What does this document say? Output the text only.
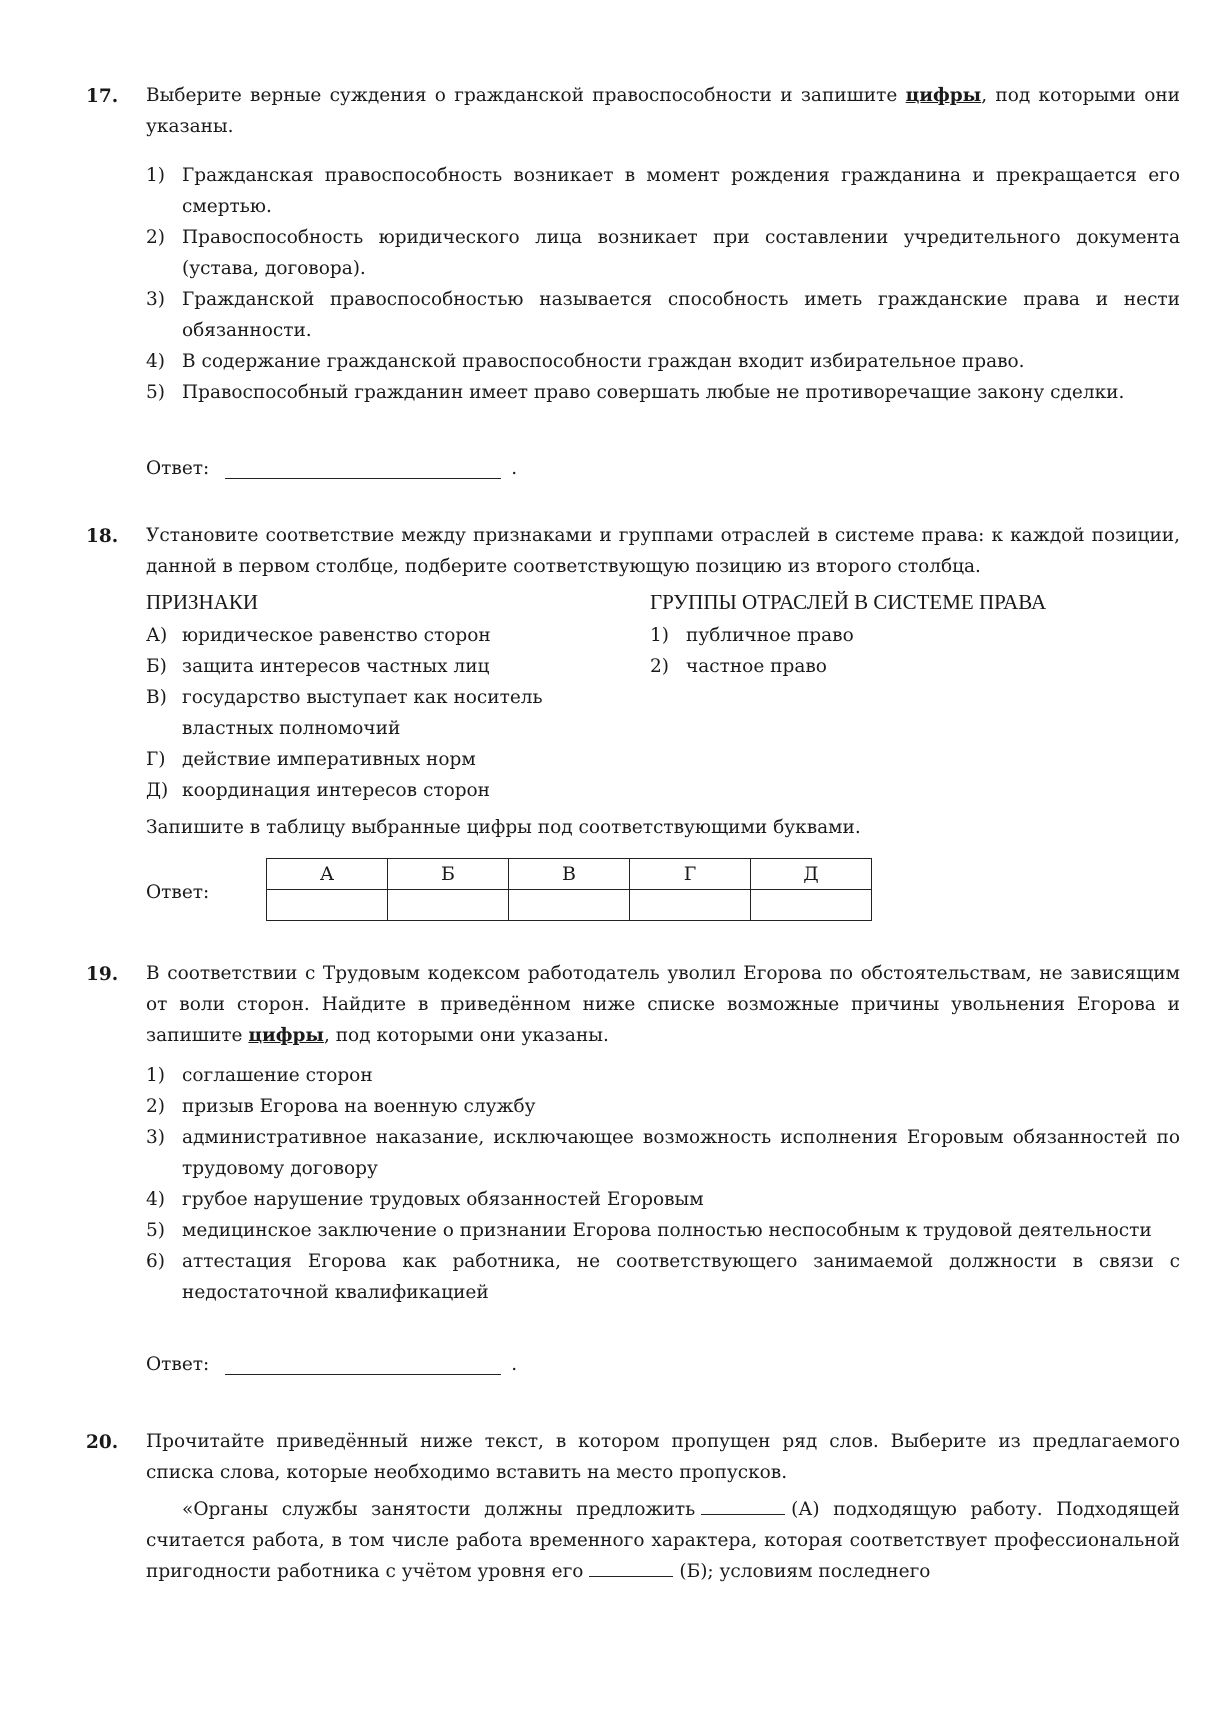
17. Выберите верные суждения о гражданской правоспособности и запишите цифры, под которыми они указаны.
1) Гражданская правоспособность возникает в момент рождения гражданина и прекращается его смертью.
2) Правоспособность юридического лица возникает при составлении учредительного документа (устава, договора).
3) Гражданской правоспособностью называется способность иметь гражданские права и нести обязанности.
4) В содержание гражданской правоспособности граждан входит избирательное право.
5) Правоспособный гражданин имеет право совершать любые не противоречащие закону сделки.
Ответ:	.
18. Установите соответствие между признаками и группами отраслей в системе права: к каждой позиции, данной в первом столбце, подберите соответствующую позицию из второго столбца.
ПРИЗНАКИ	ГРУППЫ ОТРАСЛЕЙ В СИСТЕМЕ ПРАВА
А) юридическое равенство сторон
Б) защита интересов частных лиц
В) государство выступает как носитель властных полномочий
Г) действие императивных норм
Д) координация интересов сторон
1) публичное право
2) частное право
Запишите в таблицу выбранные цифры под соответствующими буквами.
Ответ:
А	Б	В	Г	Д

19. В соответствии с Трудовым кодексом работодатель уволил Егорова по обстоятельствам, не зависящим от воли сторон. Найдите в приведённом ниже списке возможные причины увольнения Егорова и запишите цифры, под которыми они указаны.
1) соглашение сторон
2) призыв Егорова на военную службу
3) административное наказание, исключающее возможность исполнения Егоровым обязанностей по трудовому договору
4) грубое нарушение трудовых обязанностей Егоровым
5) медицинское заключение о признании Егорова полностью неспособным к трудовой деятельности
6) аттестация Егорова как работника, не соответствующего занимаемой должности в связи с недостаточной квалификацией
Ответ:	.
20. Прочитайте приведённый ниже текст, в котором пропущен ряд слов. Выберите из предлагаемого списка слова, которые необходимо вставить на место пропусков.
«Органы службы занятости должны предложить	(А) подходящую работу. Подходящей считается работа, в том числе работа временного характера, которая соответствует профессиональной пригодности работника с учётом уровня его	(Б); условиям последнего
